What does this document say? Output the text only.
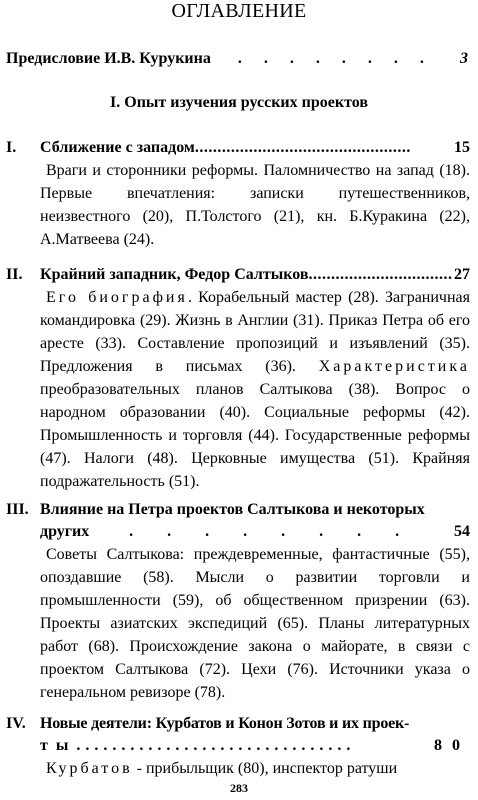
ОГЛАВЛЕНИЕ
Предисловие И.В. Курукина	. . . . . . . .	3
I. Опыт изучения русских проектов
I. Сближение с западом ................................................	15
Враги и сторонники реформы. Паломничество на запад (18). Первые впечатления: записки путешественников, неизвестного (20), П.Толстого (21), кн. Б.Куракина (22), А.Матвеева (24).
II. Крайний западник, Федор Салтыков ................................ 27
Его биография. Корабельный мастер (28). Заграничная командировка (29). Жизнь в Англии (31). Приказ Петра об его аресте (33). Составление пропозиций и изъявлений (35). Предложения в письмах (36). Характеристика преобразовательных планов Салтыкова (38). Вопрос о народном образовании (40). Социальные реформы (42). Промышленность и торговля (44). Государственные реформы (47). Налоги (48). Церковные имущества (51). Крайняя подражательность (51).
III. Влияние на Петра проектов Салтыкова и некоторых
других	. . . . . . . .	54
Советы Салтыкова: преждевременные, фантастичные (55), опоздавшие (58). Мысли о развитии торговли и промышленности (59), об общественном призрении (63). Проекты азиатских экспедиций (65). Планы литературных работ (68). Происхождение закона о майорате, в связи с проектом Салтыкова (72). Цехи (76). Источники указа о генеральном ревизоре (78).
IV. Новые деятели: Курбатов и Конон Зотов и их проек-
ты ...............................	80
Курбатов - прибыльщик (80), инспектор ратуши
283
